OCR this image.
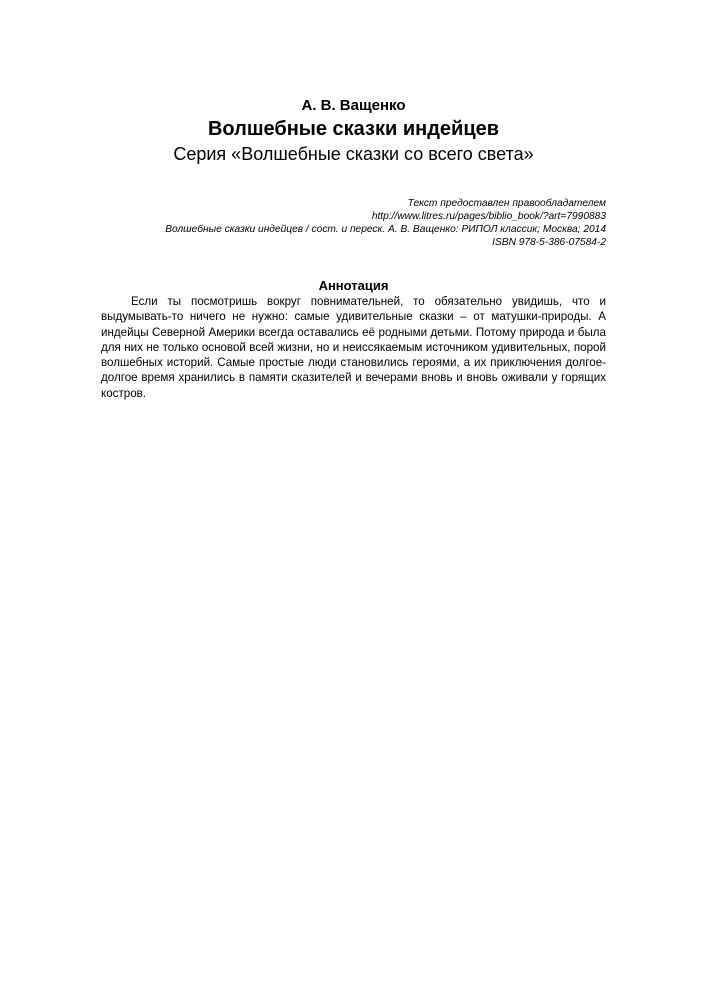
А. В. Ващенко

Волшебные сказки индейцев

Серия «Волшебные сказки со всего света»

Текст предоставлен правообладателем
http://www.litres.ru/pages/biblio_book/?art=7990883
Волшебные сказки индейцев / сост. и переск. А. В. Ващенко: РИПОЛ классик; Москва; 2014
ISBN 978-5-386-07584-2

Аннотация

Если ты посмотришь вокруг повнимательней, то обязательно увидишь, что и выдумывать-то ничего не нужно: самые удивительные сказки – от матушки-природы. А индейцы Северной Америки всегда оставались её родными детьми. Потому природа и была для них не только основой всей жизни, но и неиссякаемым источником удивительных, порой волшебных историй. Самые простые люди становились героями, а их приключения долгое-долгое время хранились в памяти сказителей и вечерами вновь и вновь оживали у горящих костров.
